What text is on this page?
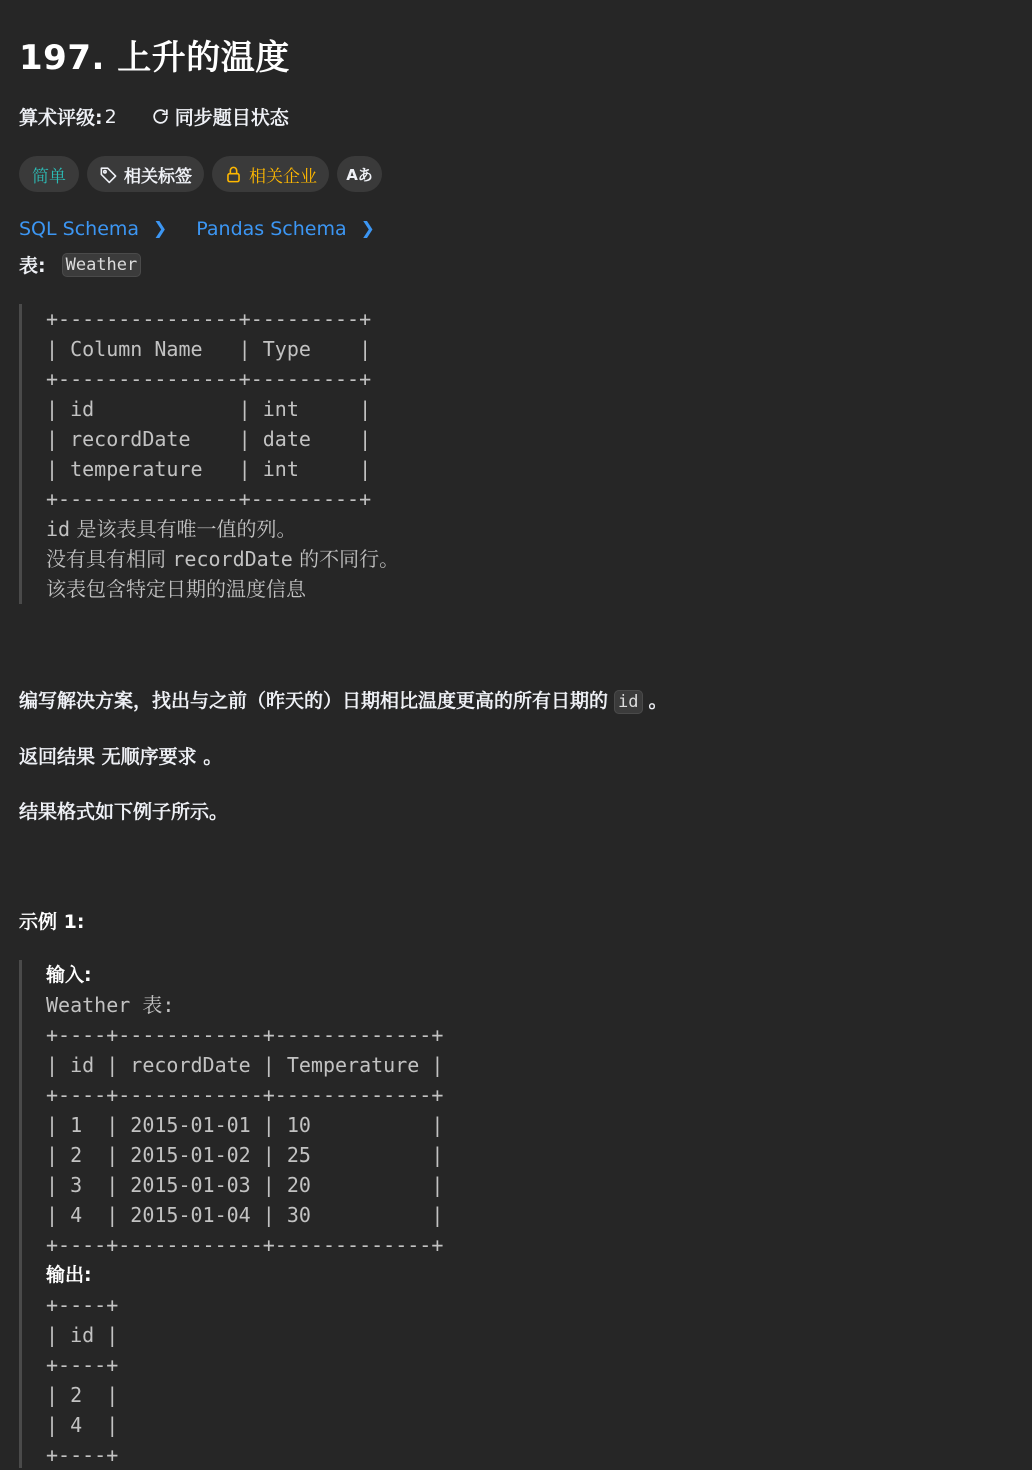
197. 上升的温度
算术评级: 2	同步题目状态
简单	相关标签	相关企业 Aあ
SQL Schema ❯ Pandas Schema ❯
表: Weather
+---------------+---------+
| Column Name   | Type    |
+---------------+---------+
| id            | int     |
| recordDate    | date    |
| temperature   | int     |
+---------------+---------+
id 是该表具有唯一值的列。
没有具有相同 recordDate 的不同行。
该表包含特定日期的温度信息
编写解决方案，找出与之前（昨天的）日期相比温度更高的所有日期的 id 。
返回结果 无顺序要求 。
结果格式如下例子所示。
示例 1:
输入:
Weather 表:
+----+------------+-------------+
| id | recordDate | Temperature |
+----+------------+-------------+
| 1  | 2015-01-01 | 10          |
| 2  | 2015-01-02 | 25          |
| 3  | 2015-01-03 | 20          |
| 4  | 2015-01-04 | 30          |
+----+------------+-------------+
输出:
+----+
| id |
+----+
| 2  |
| 4  |
+----+
